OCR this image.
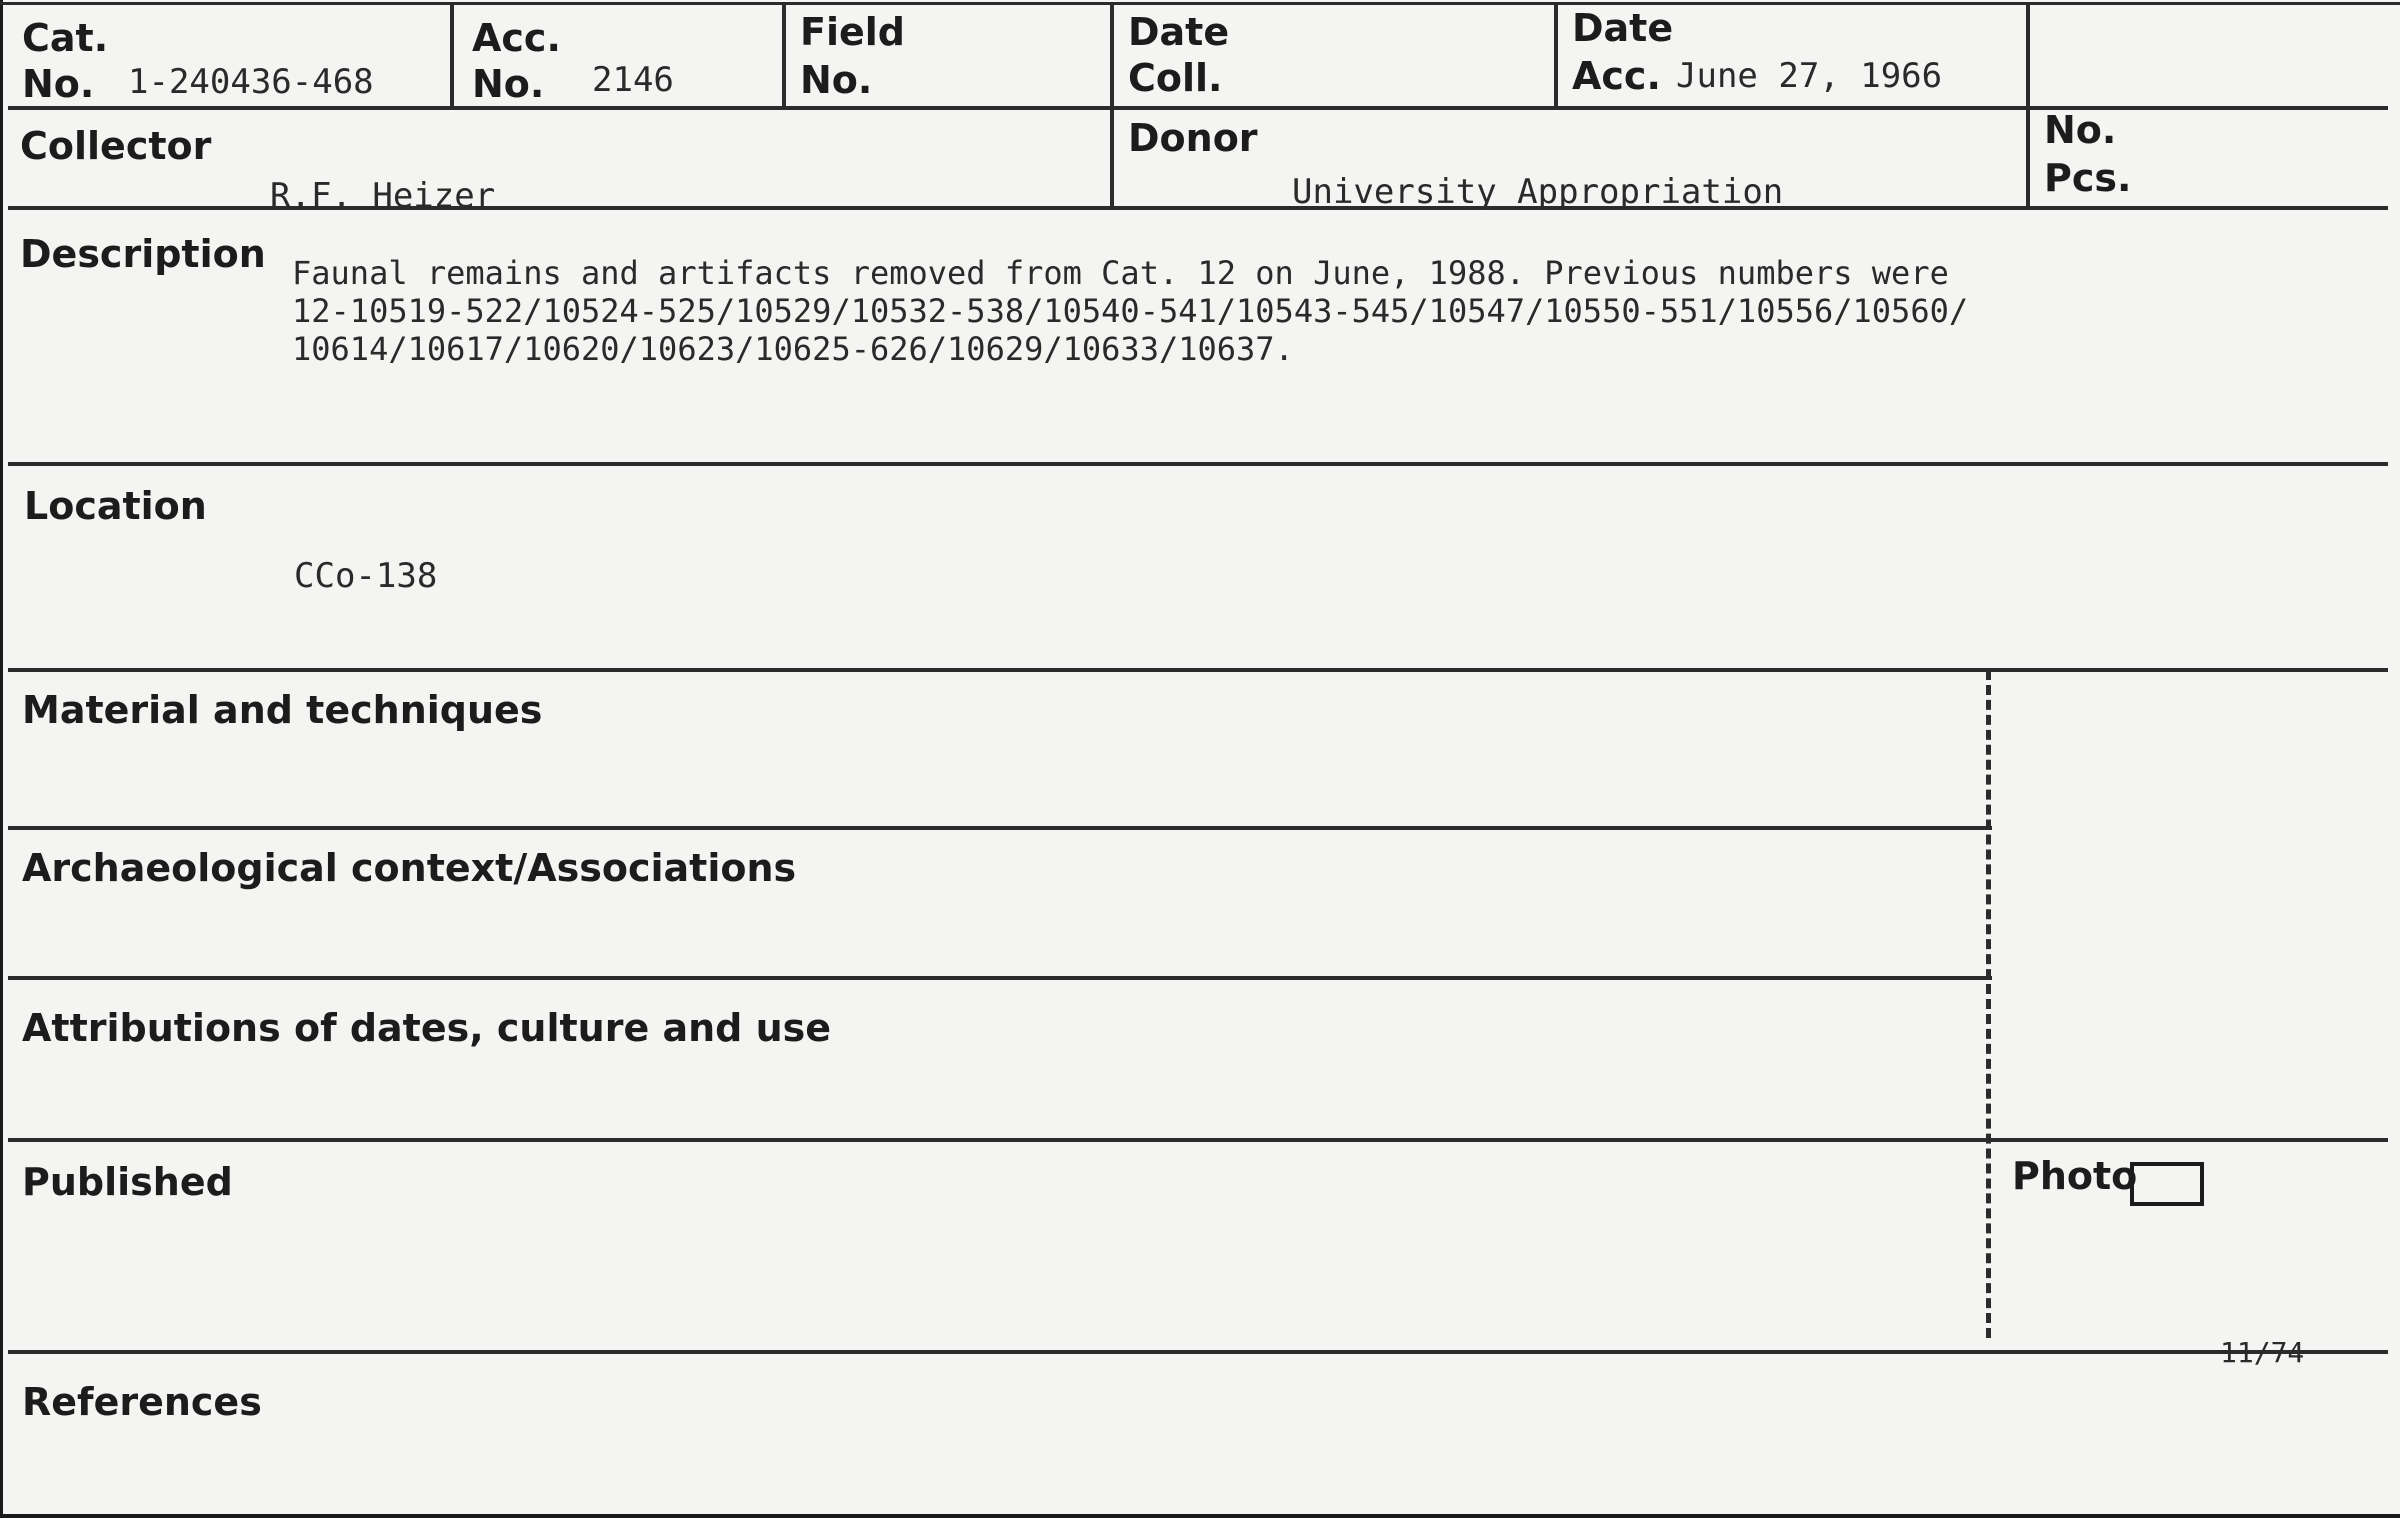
Cat.
No. 1-240436-468
Acc.
No. 2146
Field
No.
Date
Coll.
Date
Acc. June 27, 1966
Collector
R.F. Heizer
Donor
University Appropriation
No.
Pcs.
Description Faunal remains and artifacts removed from Cat. 12 on June, 1988. Previous numbers were
12-10519-522/10524-525/10529/10532-538/10540-541/10543-545/10547/10550-551/10556/10560/
10614/10617/10620/10623/10625-626/10629/10633/10637.
Location
CCo-138
Material and techniques
Archaeological context/Associations
Attributions of dates, culture and use
Published
References
Photo
11/74
